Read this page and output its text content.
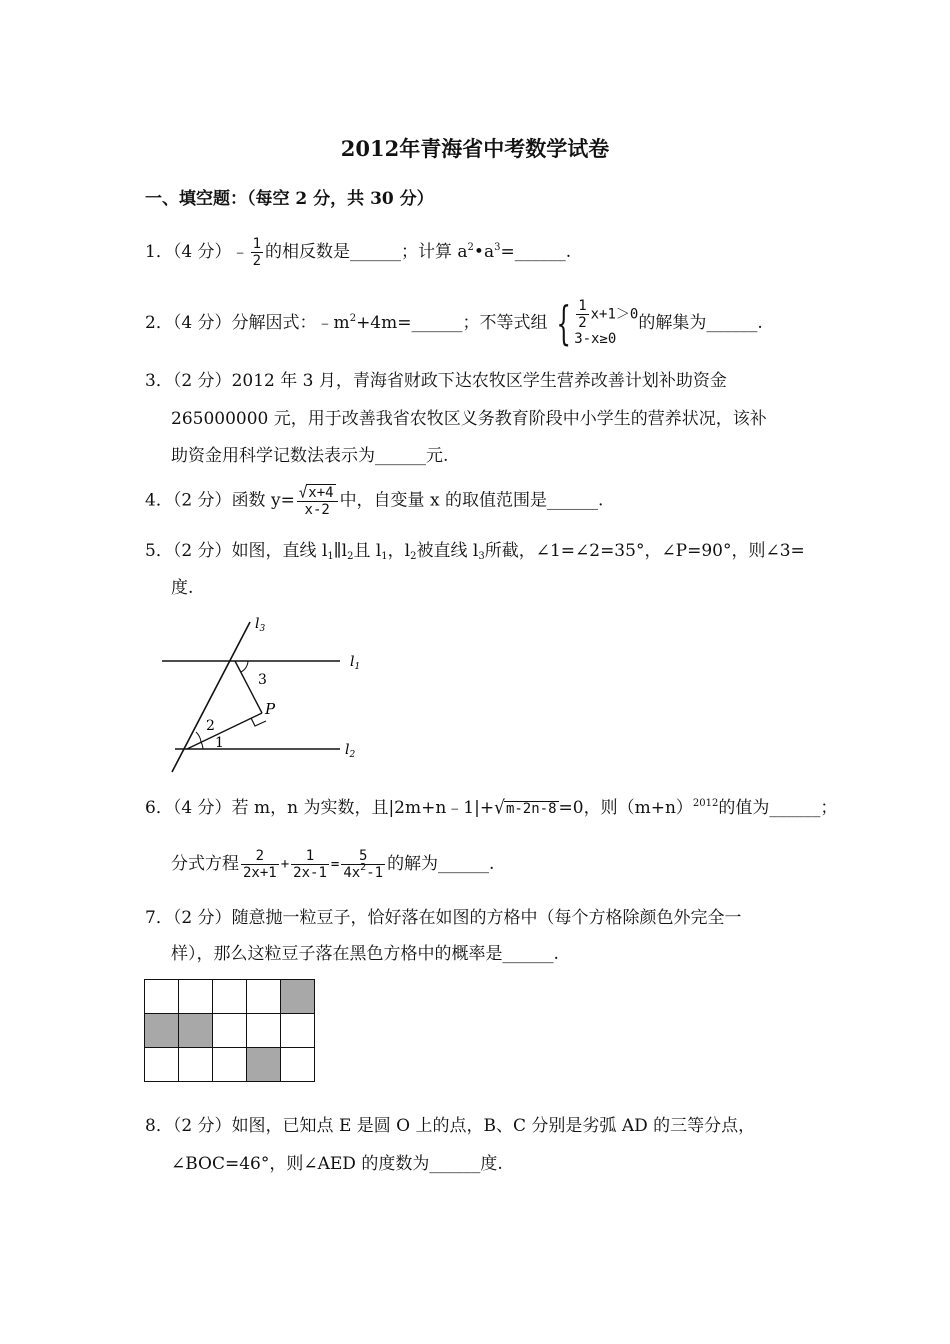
2012年青海省中考数学试卷
一、填空题：（每空 2 分，共 30 分）
1．（4 分）﹣ $\frac{1}{2}$ 的相反数是______；计算 $a^2•a^3=\_\_\_\_\_\_$.
2．（4 分）分解因式：$﹣m^2+4m=\_\_\_\_\_\_$；不等式组 { $\frac{1}{2} x+1>0$
3-x≥0
的解集为______.
3．（2 分）2012 年 3 月，青海省财政下达农牧区学生营养改善计划补助资金
265000000 元，用于改善我省农牧区义务教育阶段中小学生的营养状况，该补
助资金用科学记数法表示为______元.
4．（2 分）函数 $y= \frac{√x+4}{x-2}$ 中，自变量 x 的取值范围是______.
5．（2 分）如图，直线 $l_1\parallel l_2$且 $l_1$，$l_2$被直线 $l_3$所截，∠1=∠2=35°，∠P=90°，则∠3=
度.
$l_3$
$l_1$
$l_2$
3
2
1
P
6．（4 分）若 m，n 为实数，且|2m+n﹣1|+√m-2n-8 =0，则$(m+n)^{2012}$的值为______；
分式方程 $\frac{2}{2x+1} + \frac{1}{2x-1} = \frac{5}{4x^2-1}$ 的解为______.
7．（2 分）随意抛一粒豆子，恰好落在如图的方格中（每个方格除颜色外完全一
样），那么这粒豆子落在黑色方格中的概率是______.

8．（2 分）如图，已知点 E 是圆 O 上的点，B、C 分别是劣弧 AD 的三等分点，
∠BOC=46°，则∠AED 的度数为______度.
